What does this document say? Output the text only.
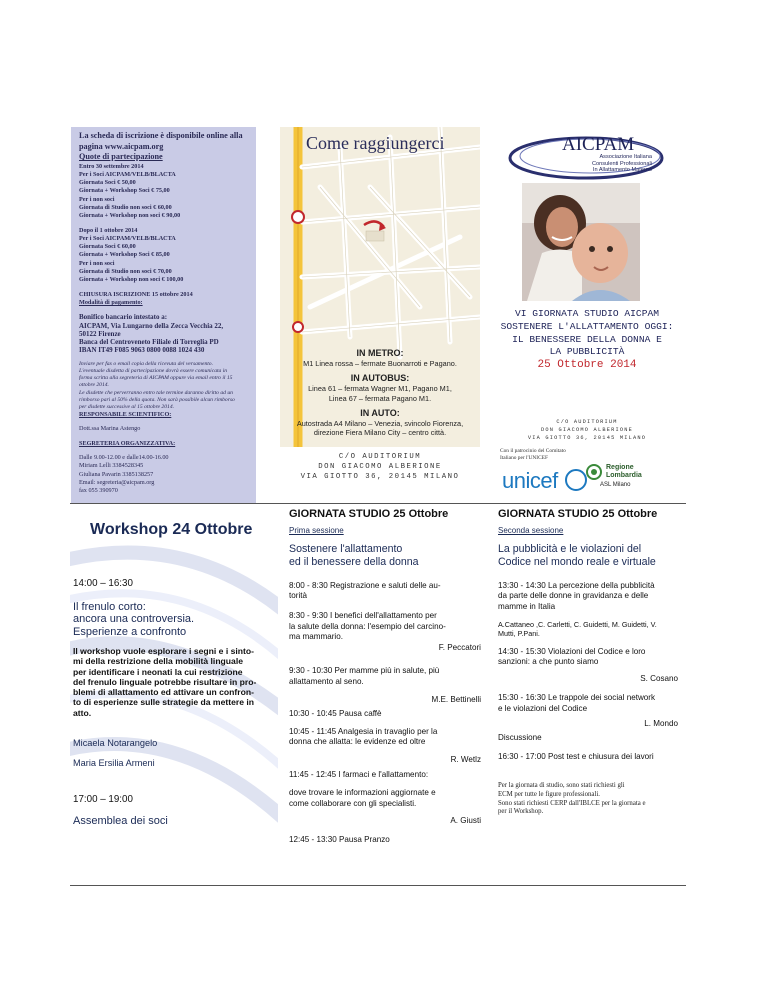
La scheda di iscrizione è disponibile online alla
pagina www.aicpam.org
Quote di partecipazione
Entro 30 settembre 2014
Per i Soci AICPAM/VELB/BLACTA
Giornata Soci € 50,00
Giornata + Workshop Soci € 75,00
Per i non soci
Giornata di Studio non soci € 60,00
Giornata + Workshop non soci € 90,00
Dopo il 1 ottobre 2014
Per i Soci AICPAM/VELB/BLACTA
Giornata Soci € 60,00
Giornata + Workshop Soci € 85,00
Per i non soci
Giornata di Studio non soci € 70,00
Giornata + Workshop non soci € 100,00
CHIUSURA ISCRIZIONE 15 ottobre 2014
Modalità di pagamento:
Bonifico bancario intestato a:
AICPAM, Via Lungarno della Zecca Vecchia 22,
50122 Firenze
Banca del Centroveneto Filiale di Torreglia PD
IBAN IT49 F085 9063 0800 0088 1024 430
Inviare per fax o email copia della ricevuta del versamento.
L'eventuale disdetta di partecipazione dovrà essere comunicata in
forma scritta alla segreteria di AICPAM oppure via email entro il 15
ottobre 2014.
Le disdette che perverranno entro tale termine daranno diritto ad un
rimborso pari al 50% della quota. Non sarà possibile alcun rimborso
per disdette successive al 15 ottobre 2014.
RESPONSABILE SCIENTIFICO:
Dott.ssa Marina Astengo
SEGRETERIA ORGANIZZATIVA:
Dalle 9.00-12.00 e dalle14.00-16.00
Miriam Lelli 3384528345
Giuliana Pavarin 3385138257
Email: segreteria@aicpam.org
fax 055 390970
Come raggiungerci
IN METRO:
M1 Linea rossa – fermate Buonarroti e Pagano.
IN AUTOBUS:
Linea 61 – fermata Wagner M1, Pagano M1,
Linea 67 – fermata Pagano M1.
IN AUTO:
Autostrada A4 Milano – Venezia, svincolo Fiorenza,
direzione Fiera Milano City – centro città.
C/O AUDITORIUM
DON GIACOMO ALBERIONE
VIA GIOTTO 36, 20145 MILANO
AICPAM
Associazione Italiana
Consulenti Professionali
In Allattamento Materno
VI GIORNATA STUDIO AICPAM
SOSTENERE L'ALLATTAMENTO OGGI:
IL BENESSERE DELLA DONNA E
LA PUBBLICITÀ
25 Ottobre 2014
C/O AUDITORIUM
DON GIACOMO ALBERIONE
VIA GIOTTO 36, 20145 MILANO
Con il patrocinio del Comitato
Italiano per l'UNICEF
unicef
Regione
Lombardia
ASL Milano
Workshop 24 Ottobre
14:00 – 16:30
Il frenulo corto:
ancora una controversia.
Esperienze a confronto
Il workshop vuole esplorare i segni e i sinto-
mi della restrizione della mobilità linguale
per identificare i neonati la cui restrizione
del frenulo linguale potrebbe risultare in pro-
blemi di allattamento ed attivare un confron-
to di esperienze sulle strategie da mettere in
atto.
Micaela Notarangelo
Maria Ersilia Armeni
17:00 – 19:00
Assemblea dei soci
GIORNATA STUDIO 25 Ottobre
Prima sessione
Sostenere l'allattamento
ed il benessere della donna
8:00 - 8:30 Registrazione e saluti delle au-
torità
8:30 - 9:30 I benefici dell'allattamento per
la salute della donna: l'esempio del carcino-
ma mammario.
F. Peccatori
9:30 - 10:30 Per mamme più in salute, più
allattamento al seno.
M.E. Bettinelli
10:30 - 10:45 Pausa caffè
10:45 - 11:45 Analgesia in travaglio per la
donna che allatta: le evidenze ed oltre
R. Wetlz
11:45 - 12:45 I farmaci e l'allattamento:
dove trovare le informazioni aggiornate e
come collaborare con gli specialisti.
A. Giusti
12:45 - 13:30 Pausa Pranzo
GIORNATA STUDIO 25 Ottobre
Seconda sessione
La pubblicità e le violazioni del
Codice nel mondo reale e virtuale
13:30 - 14:30 La percezione della pubblicità
da parte delle donne in gravidanza e delle
mamme in Italia
A.Cattaneo ,C. Carletti, C. Guidetti, M. Guidetti, V.
Mutti, P.Pani.
14:30 - 15:30 Violazioni del Codice e loro
sanzioni: a che punto siamo
S. Cosano
15:30 - 16:30 Le trappole dei social network
e le violazioni del Codice
L. Mondo
Discussione
16:30 - 17:00 Post test e chiusura dei lavori
Per la giornata di studio, sono stati richiesti gli
ECM per tutte le figure professionali.
Sono stati richiesti CERP dall'IBLCE per la giornata e
per il Workshop.
